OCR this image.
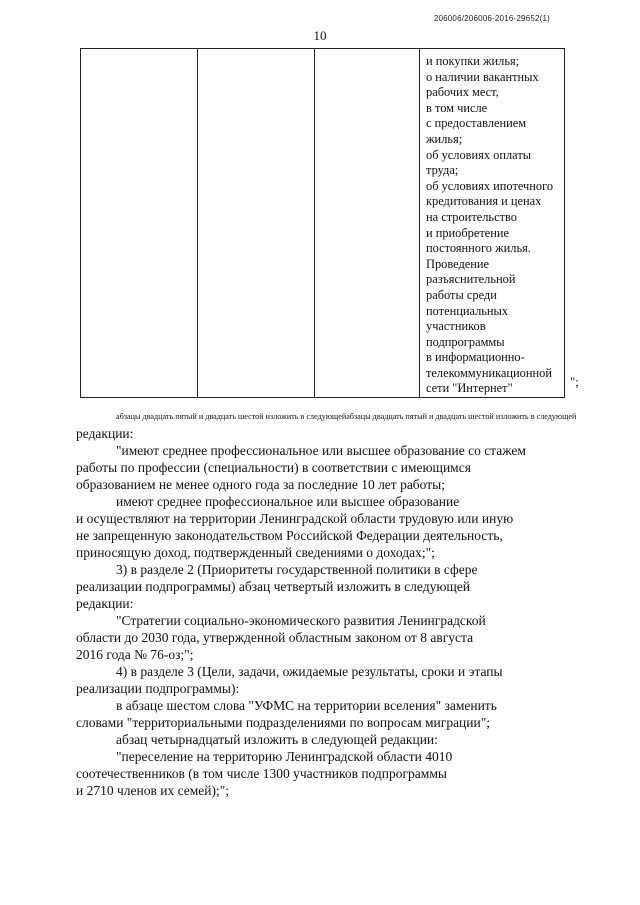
206006/206006-2016-29652(1)
10

и покупки жилья;
о наличии вакантных
рабочих мест,
в том числе
с предоставлением
жилья;
об условиях оплаты
труда;
об условиях ипотечного
кредитования и ценах
на строительство
и приобретение
постоянного жилья.
Проведение
разъяснительной
работы среди
потенциальных
участников
подпрограммы
в информационно-
телекоммуникационной
сети "Интернет"	";
абзацы двадцать пятый и двадцать шестой изложить в следующейабзацы двадцать пятый и двадцать шестой изложить в следующей
редакции:
"имеют среднее профессиональное или высшее образование со стажем
работы по профессии (специальности) в соответствии с имеющимся
образованием не менее одного года за последние 10 лет работы;
имеют среднее профессиональное или высшее образование
и осуществляют на территории Ленинградской области трудовую или иную
не запрещенную законодательством Российской Федерации деятельность,
приносящую доход, подтвержденный сведениями о доходах;";
3) в разделе 2 (Приоритеты государственной политики в сфере
реализации подпрограммы) абзац четвертый изложить в следующей
редакции:
"Стратегии социально-экономического развития Ленинградской
области до 2030 года, утвержденной областным законом от 8 августа
2016 года № 76-оз;";
4) в разделе 3 (Цели, задачи, ожидаемые результаты, сроки и этапы
реализации подпрограммы):
в абзаце шестом слова "УФМС на территории вселения" заменить
словами "территориальными подразделениями по вопросам миграции";
абзац четырнадцатый изложить в следующей редакции:
"переселение на территорию Ленинградской области 4010
соотечественников (в том числе 1300 участников подпрограммы
и 2710 членов их семей);";
